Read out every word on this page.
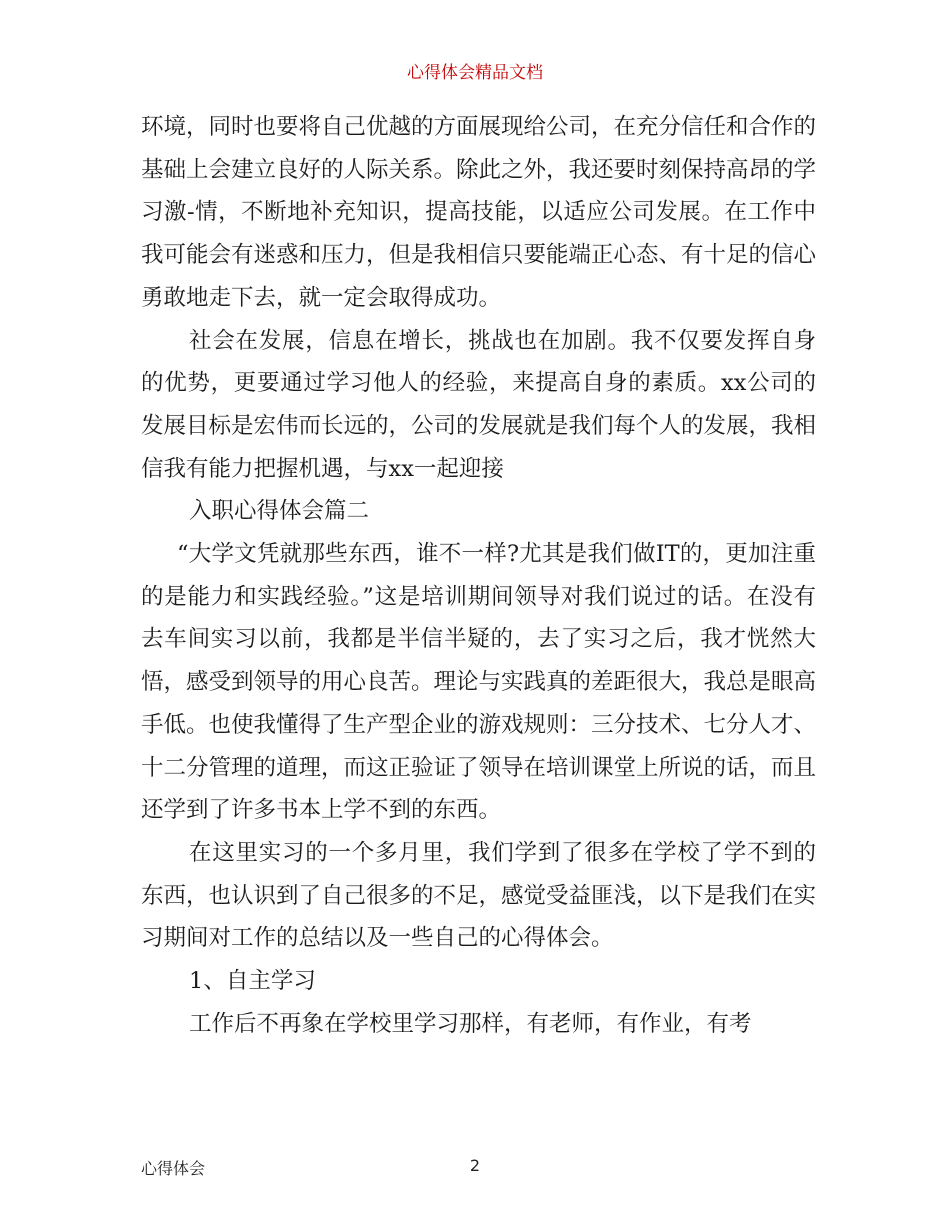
心得体会精品文档

环境，同时也要将自己优越的方面展现给公司，在充分信任和合作的基础上会建立良好的人际关系。除此之外，我还要时刻保持高昂的学习激-情，不断地补充知识，提高技能，以适应公司发展。在工作中我可能会有迷惑和压力，但是我相信只要能端正心态、有十足的信心勇敢地走下去，就一定会取得成功。

社会在发展，信息在增长，挑战也在加剧。我不仅要发挥自身的优势，更要通过学习他人的经验，来提高自身的素质。xx公司的发展目标是宏伟而长远的，公司的发展就是我们每个人的发展，我相信我有能力把握机遇，与xx一起迎接

入职心得体会篇二

“大学文凭就那些东西，谁不一样?尤其是我们做IT的，更加注重的是能力和实践经验。”这是培训期间领导对我们说过的话。在没有去车间实习以前，我都是半信半疑的，去了实习之后，我才恍然大悟，感受到领导的用心良苦。理论与实践真的差距很大，我总是眼高手低。也使我懂得了生产型企业的游戏规则：三分技术、七分人才、十二分管理的道理，而这正验证了领导在培训课堂上所说的话，而且还学到了许多书本上学不到的东西。

在这里实习的一个多月里，我们学到了很多在学校了学不到的东西，也认识到了自己很多的不足，感觉受益匪浅，以下是我们在实习期间对工作的总结以及一些自己的心得体会。

1、自主学习

工作后不再象在学校里学习那样，有老师，有作业，有考

心得体会	2
